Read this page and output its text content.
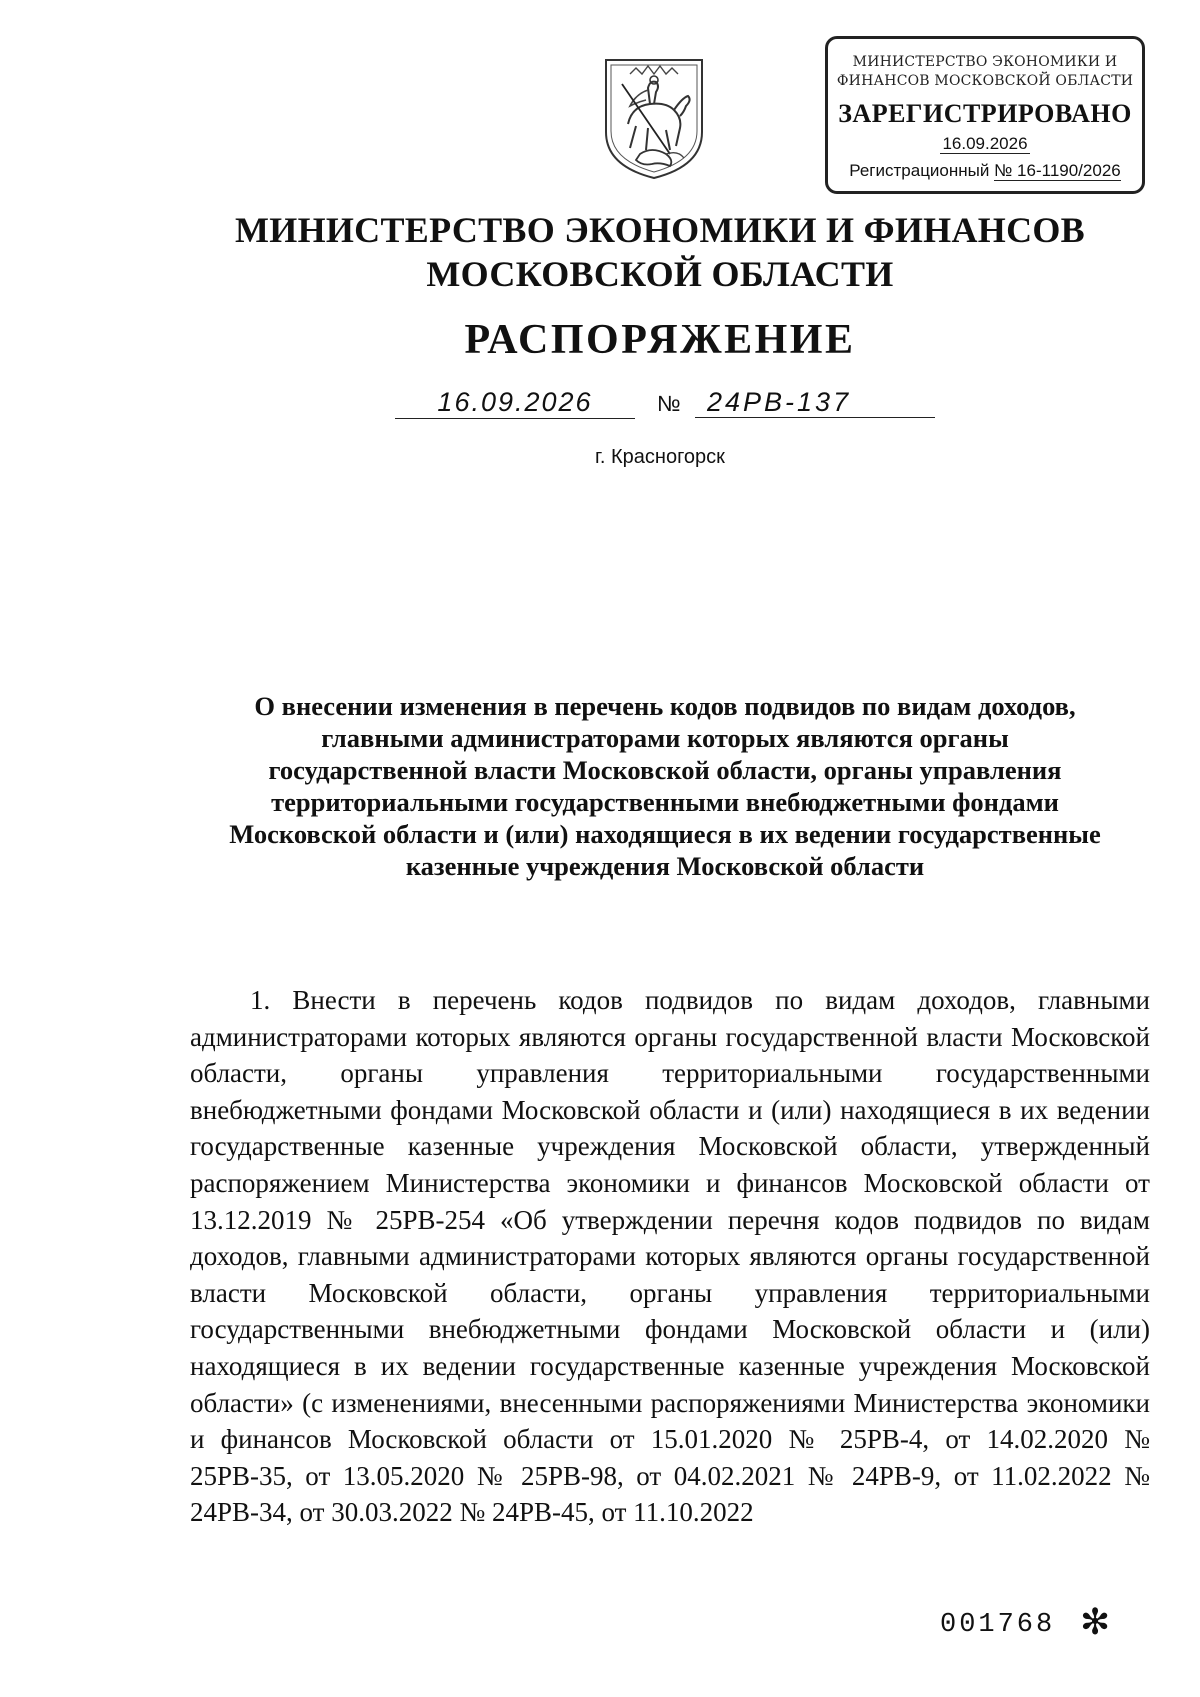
МИНИСТЕРСТВО ЭКОНОМИКИ И
ФИНАНСОВ МОСКОВСКОЙ ОБЛАСТИ
ЗАРЕГИСТРИРОВАНО
16.09.2026
Регистрационный № 16-1190/2026
МИНИСТЕРСТВО ЭКОНОМИКИ И ФИНАНСОВ
МОСКОВСКОЙ ОБЛАСТИ
РАСПОРЯЖЕНИЕ
16.09.2026	№ 24РВ-137
г. Красногорск
О внесении изменения в перечень кодов подвидов по видам доходов,
главными администраторами которых являются органы
государственной власти Московской области, органы управления
территориальными государственными внебюджетными фондами
Московской области и (или) находящиеся в их ведении государственные
казенные учреждения Московской области

1. Внести в перечень кодов подвидов по видам доходов, главными администраторами которых являются органы государственной власти Московской области, органы управления территориальными государственными внебюджетными фондами Московской области и (или) находящиеся в их ведении государственные казенные учреждения Московской области, утвержденный распоряжением Министерства экономики и финансов Московской области от 13.12.2019 № 25РВ-254 «Об утверждении перечня кодов подвидов по видам доходов, главными администраторами которых являются органы государственной власти Московской области, органы управления территориальными государственными внебюджетными фондами Московской области и (или) находящиеся в их ведении государственные казенные учреждения Московской области» (с изменениями, внесенными распоряжениями Министерства экономики и финансов Московской области от 15.01.2020 № 25РВ-4, от 14.02.2020 № 25РВ-35, от 13.05.2020 № 25РВ-98, от 04.02.2021 № 24РВ-9, от 11.02.2022 № 24РВ-34, от 30.03.2022 № 24РВ-45, от 11.10.2022

001768 ✻
